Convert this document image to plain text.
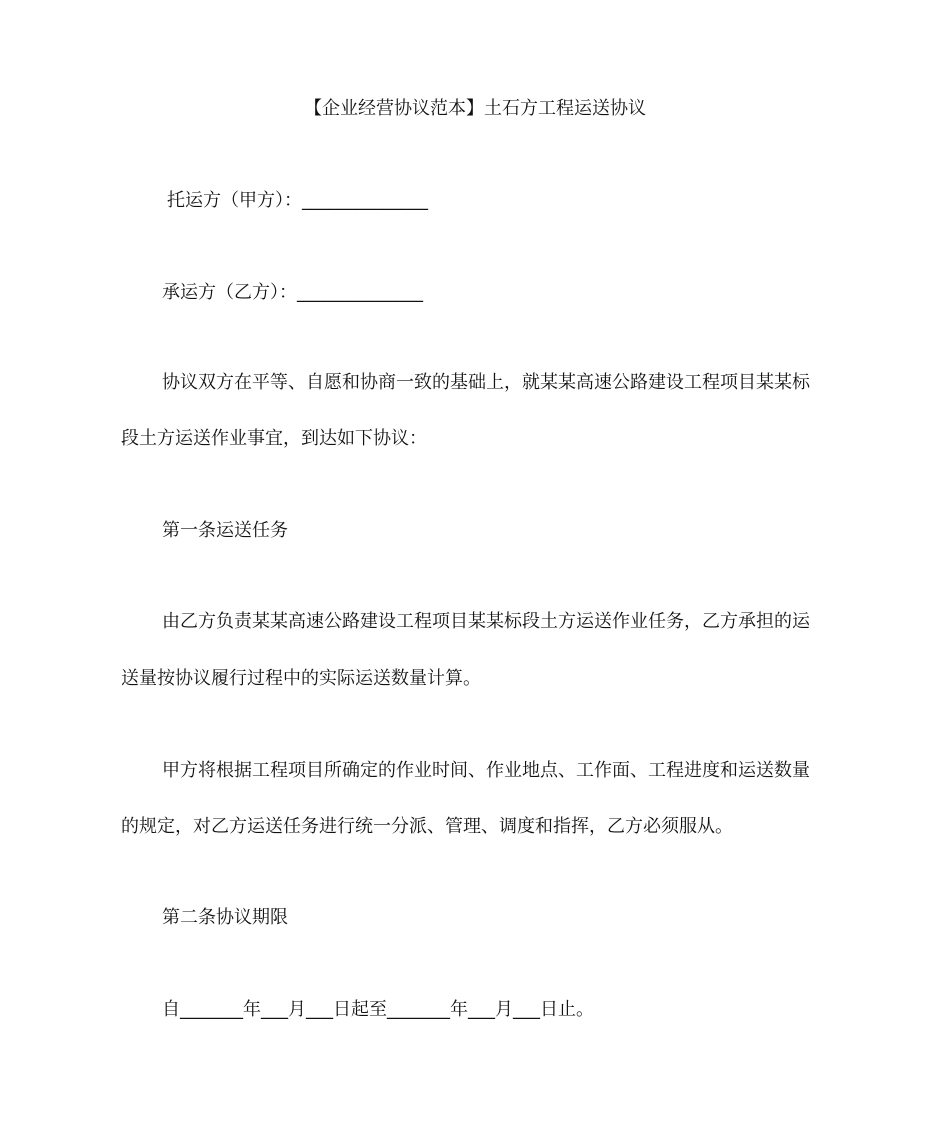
【企业经营协议范本】土石方工程运送协议
托运方（甲方）：______________
承运方（乙方）：______________
协议双方在平等、自愿和协商一致的基础上，就某某高速公路建设工程项目某某标
段土方运送作业事宜，到达如下协议：
第一条运送任务
由乙方负责某某高速公路建设工程项目某某标段土方运送作业任务，乙方承担的运
送量按协议履行过程中的实际运送数量计算。
甲方将根据工程项目所确定的作业时间、作业地点、工作面、工程进度和运送数量
的规定，对乙方运送任务进行统一分派、管理、调度和指挥，乙方必须服从。
第二条协议期限
自_______年___月___日起至_______年___月___日止。
